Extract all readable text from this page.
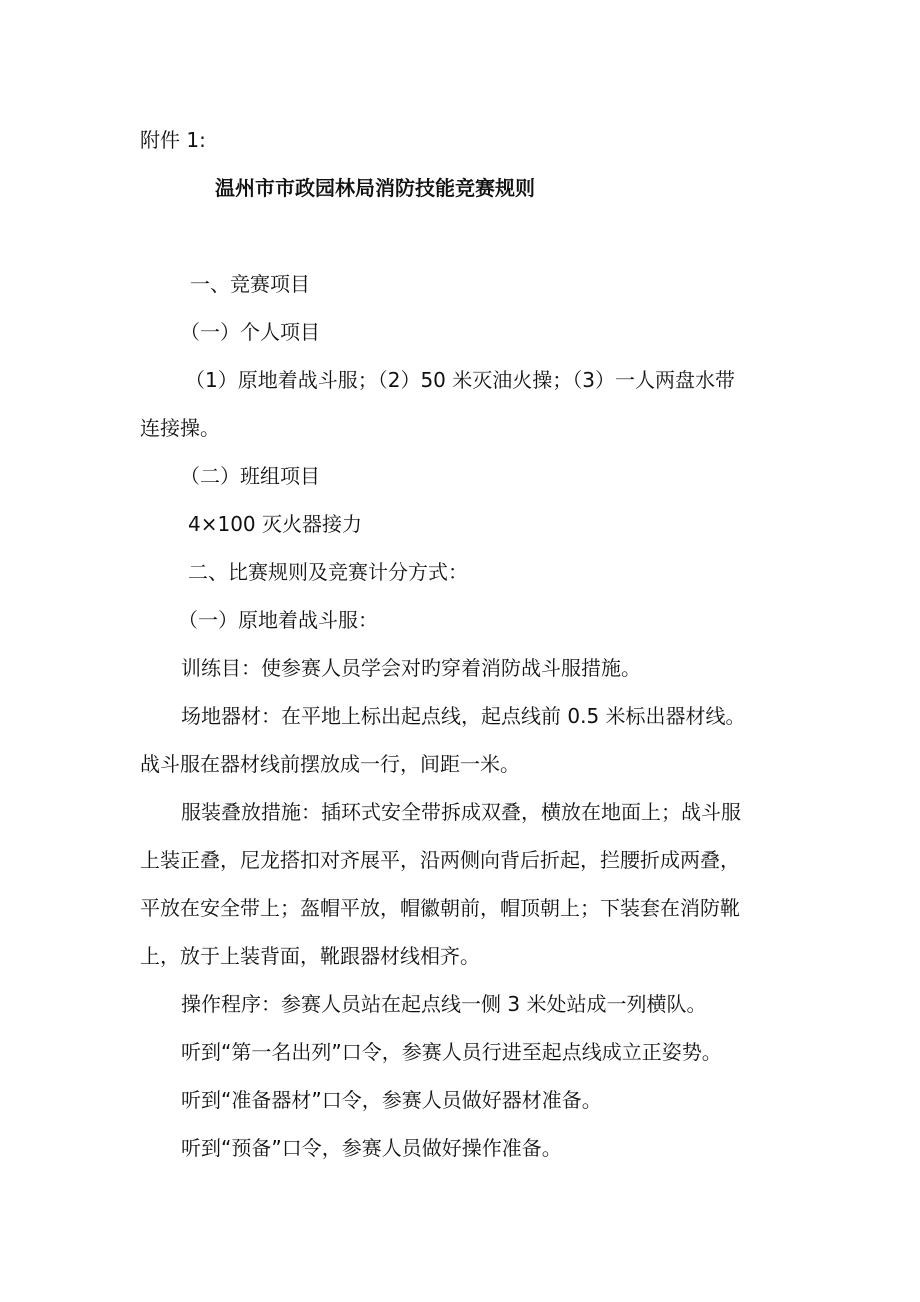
附件 1:
温州市市政园林局消防技能竞赛规则
一、竞赛项目
（一）个人项目
（1）原地着战斗服；（2）50 米灭油火操；（3）一人两盘水带
连接操。
（二）班组项目
4×100 灭火器接力
二、比赛规则及竞赛计分方式：
（一）原地着战斗服：
训练目：使参赛人员学会对旳穿着消防战斗服措施。
场地器材：在平地上标出起点线，起点线前 0.5 米标出器材线。
战斗服在器材线前摆放成一行，间距一米。
服装叠放措施：插环式安全带拆成双叠，横放在地面上；战斗服
上装正叠，尼龙搭扣对齐展平，沿两侧向背后折起，拦腰折成两叠，
平放在安全带上；盔帽平放，帽徽朝前，帽顶朝上；下装套在消防靴
上，放于上装背面，靴跟器材线相齐。
操作程序：参赛人员站在起点线一侧 3 米处站成一列横队。
听到“第一名出列”口令，参赛人员行进至起点线成立正姿势。
听到“准备器材”口令，参赛人员做好器材准备。
听到“预备”口令，参赛人员做好操作准备。
